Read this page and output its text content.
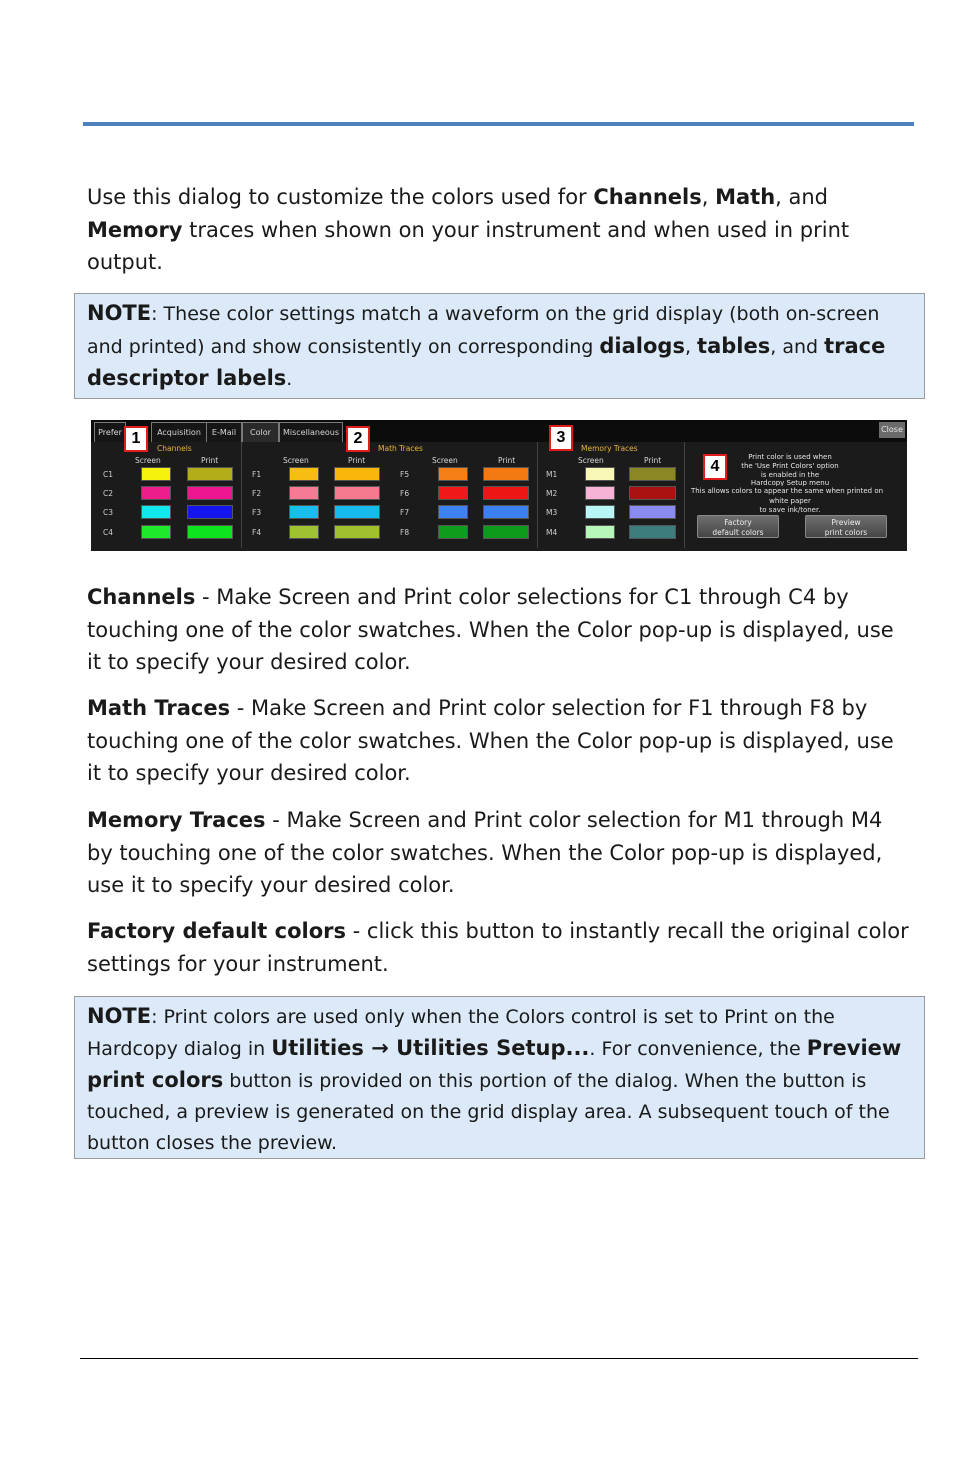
Use this dialog to customize the colors used for Channels, Math, and Memory traces when shown on your instrument and when used in print output.

NOTE: These color settings match a waveform on the grid display (both on-screen and printed) and show consistently on corresponding dialogs, tables, and trace descriptor labels.
Prefer	Acquisition	E-Mail	Color	Miscellaneous	Close
Channels
Screen	Print
C1
C2
C3
C4
Math Traces
Screen	Print	Screen	Print
F1	F5
F2	F6
F3	F7
F4	F8
Memory Traces
Screen	Print
M1
M2
M3
M4
Print color is used when
the 'Use Print Colors' option
is enabled in the
Hardcopy Setup menu
This allows colors to appear the same when printed on
white paper
to save ink/toner.
Factory
default colors
Preview
print colors
1	2	3
4

Channels - Make Screen and Print color selections for C1 through C4 by touching one of the color swatches. When the Color pop-up is displayed, use it to specify your desired color.

Math Traces - Make Screen and Print color selection for F1 through F8 by touching one of the color swatches. When the Color pop-up is displayed, use it to specify your desired color.

Memory Traces - Make Screen and Print color selection for M1 through M4 by touching one of the color swatches. When the Color pop-up is displayed, use it to specify your desired color.

Factory default colors - click this button to instantly recall the original color settings for your instrument.

NOTE: Print colors are used only when the Colors control is set to Print on the Hardcopy dialog in Utilities → Utilities Setup.... For convenience, the Preview print colors button is provided on this portion of the dialog. When the button is touched, a preview is generated on the grid display area. A subsequent touch of the button closes the preview.
